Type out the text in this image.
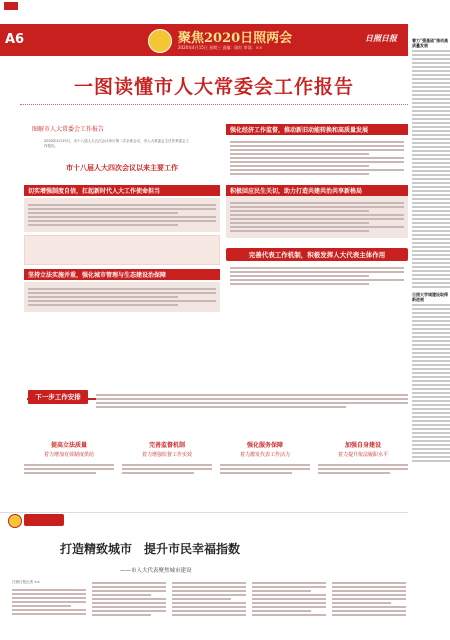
A6	聚焦2020日照两会
2020年4月15日 星期三 责编：陈红 审读：××
日照日报
一图读懂市人大常委会工作报告
图解市人大常委会工作报告
2020年4月15日，市十八届人大五次会议举行第二次全体会议，市人大常委会主任作常委会工作报告。
市十八届人大四次会议以来主要工作
切实增强制度自信，扛起新时代人大工作使命担当
坚持立法实施并重，强化城市管理与生态建设治保障
强化经济工作监督，推动新旧动能转换和高质量发展
积极回应民生关切，助力打造共建共治共享新格局
完善代表工作机制，积极发挥人大代表主体作用
下一步工作安排
提高立法质量
着力增加有效制度供给
完善监督机制
着力增强监督工作实效
强化服务保障
着力激发代表工作活力
加强自身建设
着力提升依法履职水平
打造精致城市　提升市民幸福指数
——市人大代表聚焦城市建设
日照日报记者 ××
着力"强基础"推动高质量发展
日照大学城建设取得新进展
